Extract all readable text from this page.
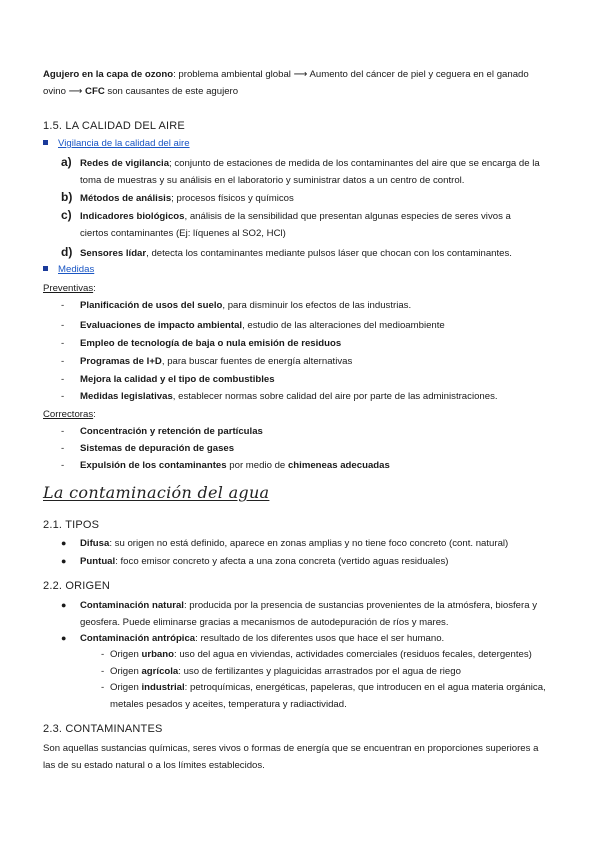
Agujero en la capa de ozono: problema ambiental global ⟶ Aumento del cáncer de piel y ceguera en el ganado ovino ⟶ CFC son causantes de este agujero

1.5. LA CALIDAD DEL AIRE
Vigilancia de la calidad del aire
a) Redes de vigilancia; conjunto de estaciones de medida de los contaminantes del aire que se encarga de la toma de muestras y su análisis en el laboratorio y suministrar datos a un centro de control.
b) Métodos de análisis; procesos físicos y químicos
c) Indicadores biológicos, análisis de la sensibilidad que presentan algunas especies de seres vivos a ciertos contaminantes (Ej: líquenes al SO2, HCl)
d) Sensores lídar, detecta los contaminantes mediante pulsos láser que chocan con los contaminantes.
Medidas
Preventivas:
- Planificación de usos del suelo, para disminuir los efectos de las industrias.
- Evaluaciones de impacto ambiental, estudio de las alteraciones del medioambiente
- Empleo de tecnología de baja o nula emisión de residuos
- Programas de I+D, para buscar fuentes de energía alternativas
- Mejora la calidad y el tipo de combustibles
- Medidas legislativas, establecer normas sobre calidad del aire por parte de las administraciones.
Correctoras:
- Concentración y retención de partículas
- Sistemas de depuración de gases
- Expulsión de los contaminantes por medio de chimeneas adecuadas
La contaminación del agua
2.1. TIPOS
● Difusa: su origen no está definido, aparece en zonas amplias y no tiene foco concreto (cont. natural)
● Puntual: foco emisor concreto y afecta a una zona concreta (vertido aguas residuales)
2.2. ORIGEN
● Contaminación natural: producida por la presencia de sustancias provenientes de la atmósfera, biosfera y geosfera. Puede eliminarse gracias a mecanismos de autodepuración de ríos y mares.
● Contaminación antrópica: resultado de los diferentes usos que hace el ser humano.
- Origen urbano: uso del agua en viviendas, actividades comerciales (residuos fecales, detergentes)
- Origen agrícola: uso de fertilizantes y plaguicidas arrastrados por el agua de riego
- Origen industrial: petroquímicas, energéticas, papeleras, que introducen en el agua materia orgánica, metales pesados y aceites, temperatura y radiactividad.
2.3. CONTAMINANTES

Son aquellas sustancias químicas, seres vivos o formas de energía que se encuentran en proporciones superiores a las de su estado natural o a los límites establecidos.
